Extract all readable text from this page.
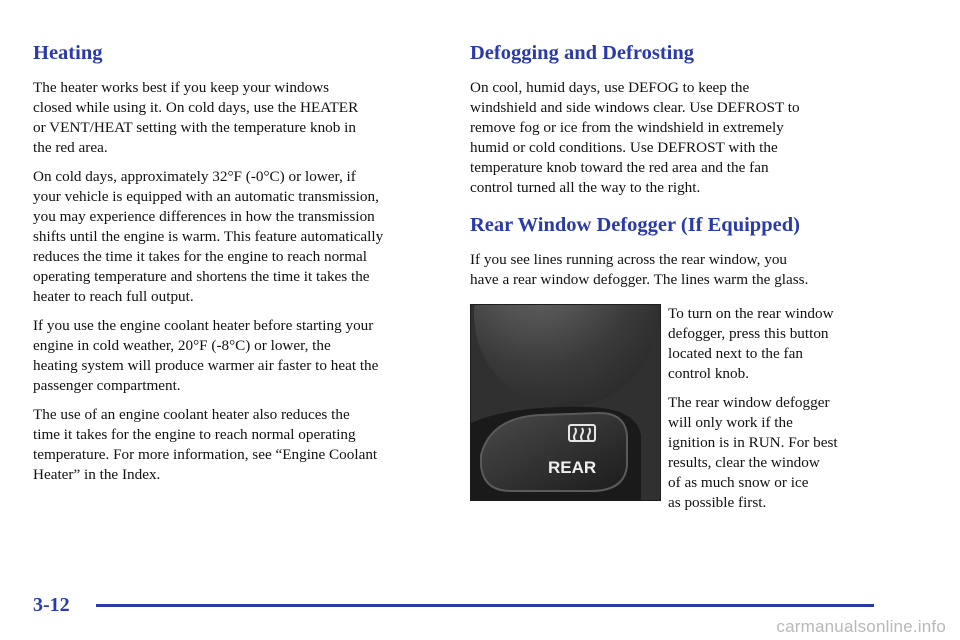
Heating

The heater works best if you keep your windows
closed while using it. On cold days, use the HEATER
or VENT/HEAT setting with the temperature knob in
the red area.

On cold days, approximately 32°F (-0°C) or lower, if
your vehicle is equipped with an automatic transmission,
you may experience differences in how the transmission
shifts until the engine is warm. This feature automatically
reduces the time it takes for the engine to reach normal
operating temperature and shortens the time it takes the
heater to reach full output.

If you use the engine coolant heater before starting your
engine in cold weather, 20°F (-8°C) or lower, the
heating system will produce warmer air faster to heat the
passenger compartment.

The use of an engine coolant heater also reduces the
time it takes for the engine to reach normal operating
temperature. For more information, see “Engine Coolant
Heater” in the Index.

Defogging and Defrosting

On cool, humid days, use DEFOG to keep the
windshield and side windows clear. Use DEFROST to
remove fog or ice from the windshield in extremely
humid or cold conditions. Use DEFROST with the
temperature knob toward the red area and the fan
control turned all the way to the right.

Rear Window Defogger (If Equipped)

If you see lines running across the rear window, you
have a rear window defogger. The lines warm the glass.

REAR

To turn on the rear window
defogger, press this button
located next to the fan
control knob.

The rear window defogger
will only work if the
ignition is in RUN. For best
results, clear the window
of as much snow or ice
as possible first.

3-12
carmanualsonline.info
